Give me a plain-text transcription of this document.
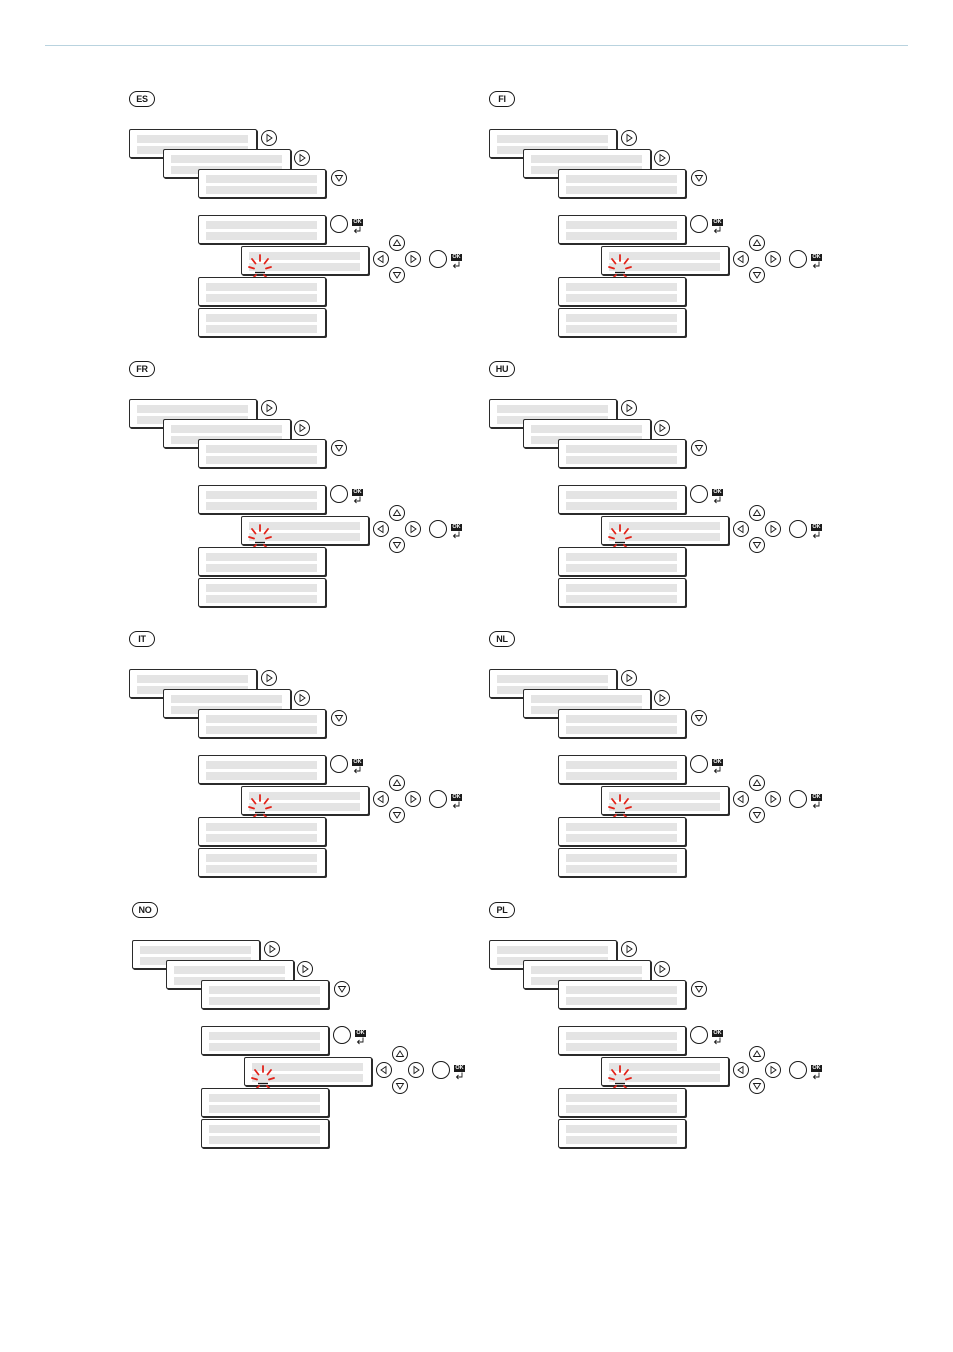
ES
OK
OK
FI
OK
OK
FR
OK
OK
HU
OK
OK
IT
OK
OK
NL
OK
OK
NO
OK
OK
PL
OK
OK
